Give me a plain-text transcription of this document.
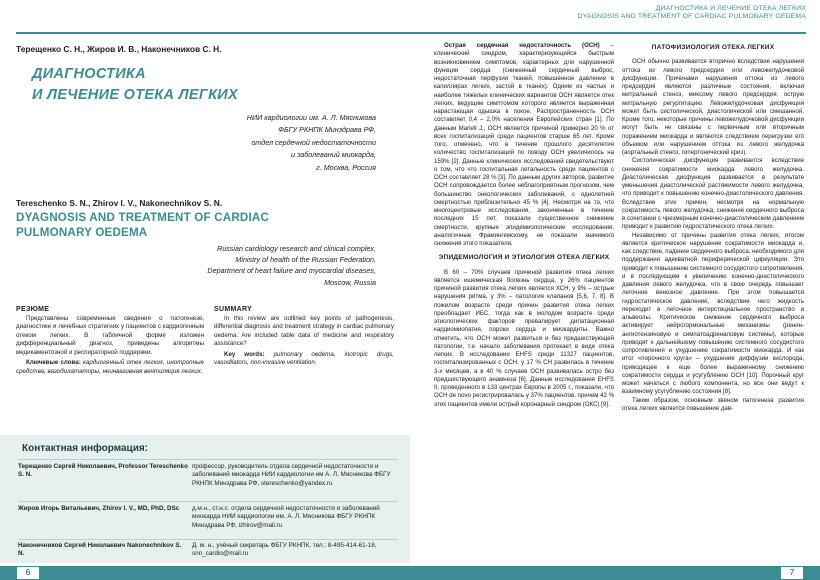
Терещенко С. Н., Жиров И. В., Наконечников С. Н.
ДИАГНОСТИКА
И ЛЕЧЕНИЕ ОТЕКА ЛЕГКИХ
НИИ кардиологии им. А. Л. Мясникова
ФБГУ РКНПК Минздрава РФ,
отдел сердечной недостаточности
и заболеваний миокарда,
г. Москва, Россия
Tereschenko S. N., Zhirov I. V., Nakonechnikov S. N.
DYAGNOSIS AND TREATMENT OF CARDIAC
PULMONARY OEDEMA
Russian cardiology research and clinical complex,
Ministry of health of the Russian Federation,
Department of heart failure and myocardial diseases,
Moscow, Russia
РЕЗЮМЕ

Представлены современные сведения о патогенезе, диагностике и лечебных стратегиях у пациентов с кардиогенным отеком легких. В табличной форме изложен дифференциальный диагноз, приведены алгоритмы медикаментозной и респираторной поддержки.

Ключевые слова: кардиогенный отек легких, инотропные средства, вазодилататоры, неинвазивная вентиляция легких.

SUMMARY

In this review are outlined key points of pathogenesis, differential diagnosis and treatment strategy in cardiac pulmonary oedema. Are included table data of medicine and respiratory assistance?

Key words: pulmonary oedema, inotropic drugs, vasodilators, non-invasive ventilation.

Контактная информация:
Терещенко Сергей Николаевич, Professor Tereschenko S. N.
профессор, руководитель отдела сердечной недостаточности и заболеваний миокарда НИИ кардиологии им А. Л. Мясникова ФБГУ РКНПК Минздрава РФ, stereschenko@yandex.ru
Жиров Игорь Витальевич, Zhirov I. V., MD, PhD, DSc	д.м.н., ст.н.с. отдела сердечной недостаточности и заболеваний миокарда НИИ кардиологии им. А. Л. Мясникова ФБГУ РКНПК Минздрава РФ, izhirov@mail.ru
Наконечников Сергей Николаевич Nakonechnikov S. N.
Д. м. н., учёный секретарь ФБГУ РКНПК, тел.: 8-495-414-61-18, snn_cardio@mail.ru
6
ДИАГНОСТИКА И ЛЕЧЕНИЕ ОТЕКА ЛЕГКИХ
DYAGNOSIS AND TREATMENT OF CARDIAC PULMONARY OEDEMA

Острая сердечная недостаточность (ОСН) – клинический синдром, характеризующийся быстрым возникновением симптомов, характерных для нарушенной функции сердца (сниженный сердечный выброс, недостаточная перфузия тканей, повышенное давление в капиллярах легких, застой в тканях). Одним из частых и наиболее тяжелых клинических вариантов ОСН является отек легких, ведущим симптомом которого является выраженная нарастающая одышка в покое. Распространенность ОСН составляет 0,4 – 2,0% населения Европейских стран [1]. По данным Mariell J., ОСН является причиной примерно 20 % от всех госпитализаций среди пациентов старше 65 лет. Кроме того, отмечено, что в течение прошлого десятилетия количество госпитализаций по поводу ОСН увеличилось на 159% [2]. Данные клинических исследований свидетельствуют о том, что что госпитальная летальность среди пациентов с ОСН составляет 28 % [3]. По данным других авторов, развитие ОСН сопровождается более неблагоприятным прогнозом, чем большинство онкологических заболеваний, с однолетней смертностью приблизительно 45 % [4]. Несмотря на то, что многоцентровые исследования, законченные в течение последних 15 лет, показали существенное снижение смертности, крупные эпидемиологические исследования, аналогичные Фрамингемскому, не показали значимого снижения этого показателя.

ЭПИДЕМИОЛОГИЯ И ЭТИОЛОГИЯ ОТЕКА ЛЕГКИХ

В 60 – 70% случаев причиной развития отека легких является ишемическая болезнь сердца, у 26% пациентов причиной развития отека легких является ХСН, у 9% – острые нарушения ритма, у 3% – патология клапанов [5,6, 7, 8]. В пожилом возрасте среди причин развития отека легких преобладает ИБС, тогда как в молодом возрасте среди этиологических факторов превалирует дилатационная кардиомиопатия, пороки сердца и миокардиты. Важно отметить, что ОСН может развиться и без предшествующей патологии, т.е. начало заболевания протекает в виде отека легких. В исследовании EHFS среди 11327 пациентов, госпитализированных с ОСН, у 17 % СН развилась в течение 3-х месяцев, а в 40 % случаев ОСН развивалась остро без предшествующего анамнеза [6]. Данные исследования EHFS II, проведенного в 133 центрах Европы в 2005 г., показали, что ОСН de novo регистрировалась у 37% пациентов, причем 42 % этих пациентов имели острый коронарный синдром (ОКС) [9].

ПАТОФИЗИОЛОГИЯ ОТЕКА ЛЕГКИХ

ОСН обычно развивается вторично вследствие нарушения оттока из левого предсердия или левожелудочковой дисфункции. Причинами нарушения оттока из левого предсердия являются различные состояния, включая митральный стеноз, миксому левого предсердия, острую митральную регургитацию. Левожелудочковая дисфункция может быть систолической, диастолической или смешанной. Кроме того, некоторые причины левожелудочковой дисфункции могут быть не связаны с первичным или вторичным поражением миокарда и являются следствием перегрузки его объемом или нарушением оттока из левого желудочка (аортальный стеноз, гипертонический криз).

Систолическая дисфункция развивается вследствие снижения сократимости миокарда левого желудочка. Диастолическая дисфункция развивается в результате уменьшения диастолической растяжимости левого желудочка, что приводит к повышению конечно-диастолического давления. Вследствие этих причин, несмотря на нормальную сократимость левого желудочка, снижение сердечного выброса в сочетании с чрезмерным конечно-диастолическим давлением приводит к развитию гидростатического отека легких.

Независимо от причины развития отека легких, итогом является критическое нарушение сократимости миокарда и, как следствие, падение сердечного выброса, необходимого для поддержания адекватной периферической циркуляции. Это приводит к повышению системного сосудистого сопротивления, и в последующем к увеличению конечно-диастолического давления левого желудочка, что в свою очередь повышает легочное венозное давление. При этом повышается гидростатическое давление, вследствие чего жидкость переходит в легочное интерстициальное пространство и альвеолы. Критическое снижение сердечного выброса активирует нейрогормональные механизмы (ренин-ангиотензиновую и симпатоадреналовую системы), которые приводят к дальнейшему повышению системного сосудистого сопротивления и ухудшению сократимости миокарда. И как итог «порочного круга» – ухудшение диффузии кислорода, приводящее к еще более выраженному снижению сократимости сердца и усугублению ОСН [10]. Порочный круг может начаться с любого компонента, но все они ведут к взаимному усугублению состояния [8].

Таким образом, основным звеном патогенеза развития отека легких является повышение дав-

7
